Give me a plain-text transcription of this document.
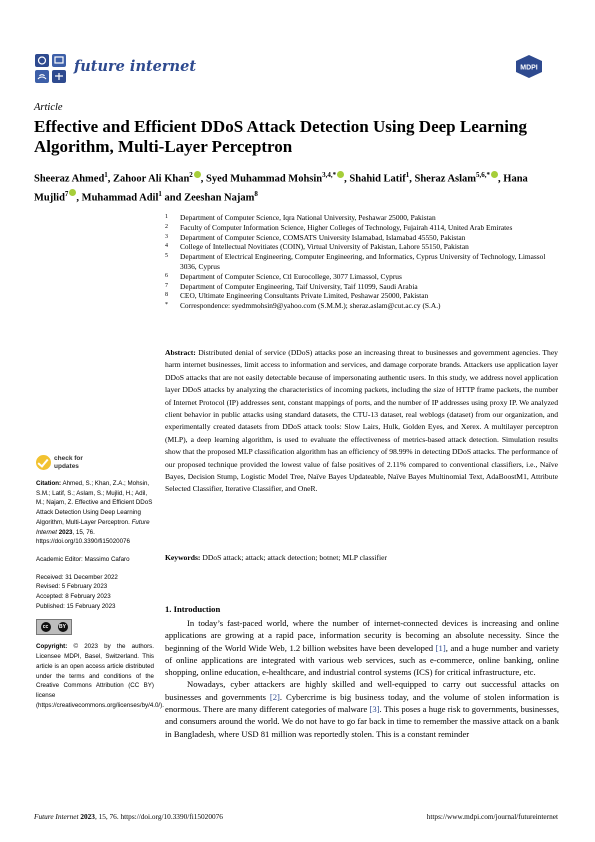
future internet	MDPI
Article
Effective and Efficient DDoS Attack Detection Using Deep Learning Algorithm, Multi-Layer Perceptron
Sheeraz Ahmed$^1$, Zahoor Ali Khan$^2$ , Syed Muhammad Mohsin$^{3,4,*}$ , Shahid Latif$^1$, Sheraz Aslam$^{5,6,*}$ , Hana Mujlid$^7$ , Muhammad Adil$^1$ and Zeeshan Najam$^8$
1	Department of Computer Science, Iqra National University, Peshawar 25000, Pakistan
2	Faculty of Computer Information Science, Higher Colleges of Technology, Fujairah 4114, United Arab Emirates
3	Department of Computer Science, COMSATS University Islamabad, Islamabad 45550, Pakistan
4	College of Intellectual Novitiates (COIN), Virtual University of Pakistan, Lahore 55150, Pakistan
5	Department of Electrical Engineering, Computer Engineering, and Informatics, Cyprus University of Technology, Limassol 3036, Cyprus
6	Department of Computer Science, Ctl Eurocollege, 3077 Limassol, Cyprus
7	Department of Computer Engineering, Taif University, Taif 11099, Saudi Arabia
8	CEO, Ultimate Engineering Consultants Private Limited, Peshawar 25000, Pakistan
*	Correspondence: syedmmohsin9@yahoo.com (S.M.M.); sheraz.aslam@cut.ac.cy (S.A.)
Abstract: Distributed denial of service (DDoS) attacks pose an increasing threat to businesses and government agencies. They harm internet businesses, limit access to information and services, and damage corporate brands. Attackers use application layer DDoS attacks that are not easily detectable because of impersonating authentic users. In this study, we address novel application layer DDoS attacks by analyzing the characteristics of incoming packets, including the size of HTTP frame packets, the number of Internet Protocol (IP) addresses sent, constant mappings of ports, and the number of IP addresses using proxy IP. We analyzed client behavior in public attacks using standard datasets, the CTU-13 dataset, real weblogs (dataset) from our organization, and experimentally created datasets from DDoS attack tools: Slow Lairs, Hulk, Golden Eyes, and Xerex. A multilayer perceptron (MLP), a deep learning algorithm, is used to evaluate the effectiveness of metrics-based attack detection. Simulation results show that the proposed MLP classification algorithm has an efficiency of 98.99% in detecting DDoS attacks. The performance of our proposed technique provided the lowest value of false positives of 2.11% compared to conventional classifiers, i.e., Naïve Bayes, Decision Stump, Logistic Model Tree, Naïve Bayes Updateable, Naïve Bayes Multinomial Text, AdaBoostM1, Attribute Selected Classifier, Iterative Classifier, and OneR.
Keywords: DDoS attack; attack; attack detection; botnet; MLP classifier
check for
updates
Citation: Ahmed, S.; Khan, Z.A.; Mohsin, S.M.; Latif, S.; Aslam, S.; Mujlid, H.; Adil, M.; Najam, Z. Effective and Efficient DDoS Attack Detection Using Deep Learning Algorithm, Multi-Layer Perceptron. Future Internet 2023, 15, 76. https://doi.org/10.3390/fi15020076

Academic Editor: Massimo Cafaro

Received: 31 December 2022

Revised: 5 February 2023

Accepted: 8 February 2023

Published: 15 February 2023

cc	BY
Copyright: © 2023 by the authors. Licensee MDPI, Basel, Switzerland. This article is an open access article distributed under the terms and conditions of the Creative Commons Attribution (CC BY) license (https://creativecommons.org/licenses/by/4.0/).
1. Introduction

In today’s fast-paced world, where the number of internet-connected devices is increasing and online applications are growing at a rapid pace, information security is becoming an absolute necessity. Since the beginning of the World Wide Web, 1.2 billion websites have been developed [1], and a huge number and variety of online applications are integrated with various web services, such as e-commerce, online banking, online shopping, online education, e-healthcare, and industrial control systems (ICS) for critical infrastructure, etc.

Nowadays, cyber attackers are highly skilled and well-equipped to carry out successful attacks on businesses and governments [2]. Cybercrime is big business today, and the volume of stolen information is enormous. There are many different categories of malware [3]. This poses a huge risk to governments, businesses, and consumers around the world. We do not have to go far back in time to remember the massive attack on a bank in Bangladesh, where USD 81 million was reportedly stolen. This is a constant reminder

Future Internet 2023, 15, 76. https://doi.org/10.3390/fi15020076	https://www.mdpi.com/journal/futureinternet
